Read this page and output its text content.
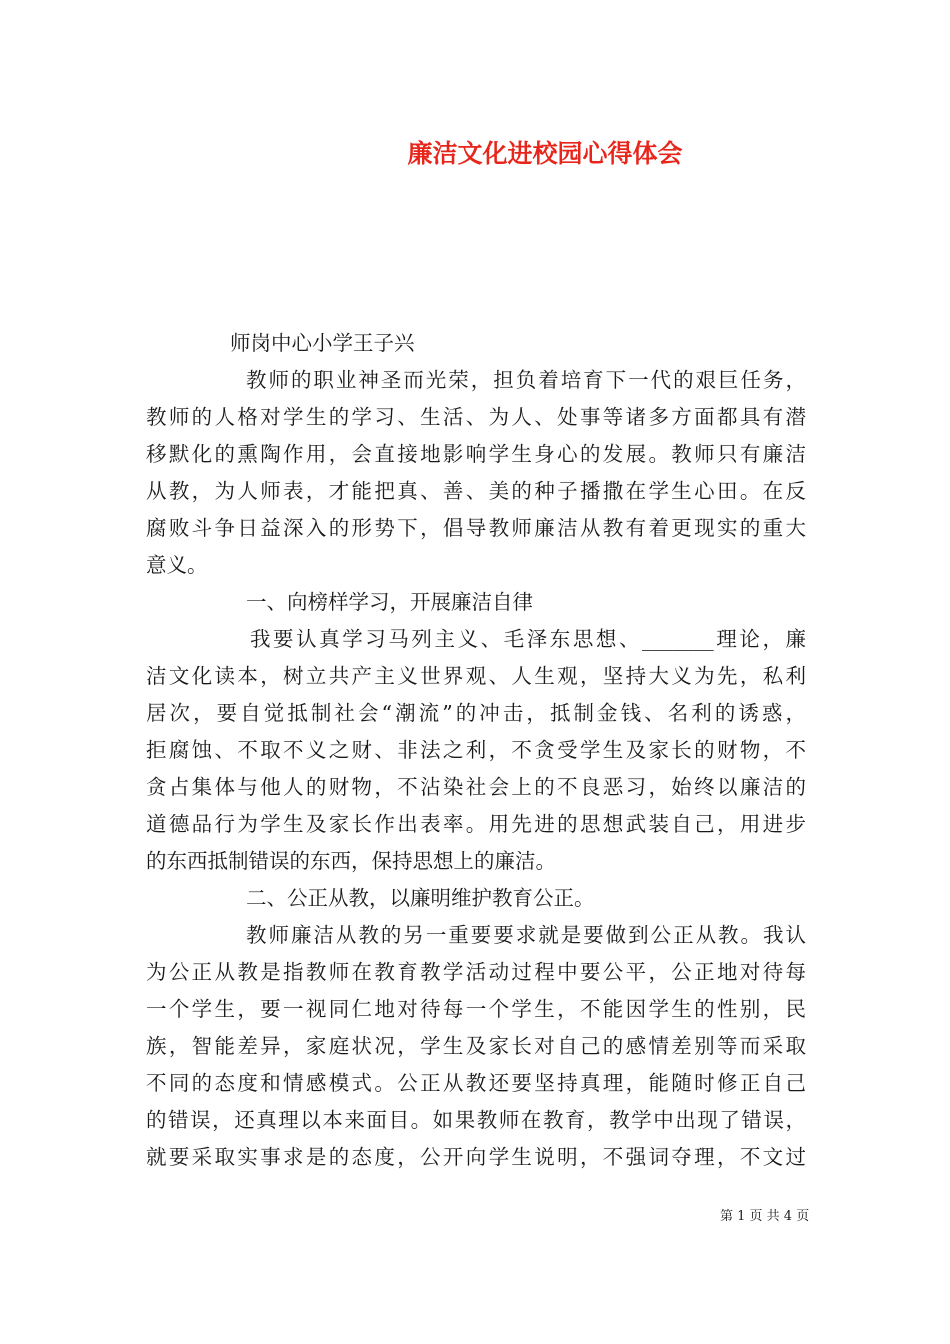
廉洁文化进校园心得体会
师岗中心小学王子兴
教师的职业神圣而光荣，担负着培育下一代的艰巨任务，
教师的人格对学生的学习、生活、为人、处事等诸多方面都具有潜
移默化的熏陶作用，会直接地影响学生身心的发展。教师只有廉洁
从教，为人师表，才能把真、善、美的种子播撒在学生心田。在反
腐败斗争日益深入的形势下，倡导教师廉洁从教有着更现实的重大
意义。
一、向榜样学习，开展廉洁自律
我要认真学习马列主义、毛泽东思想、_______理论，廉
洁文化读本，树立共产主义世界观、人生观，坚持大义为先，私利
居次，要自觉抵制社会“潮流”的冲击，抵制金钱、名利的诱惑，
拒腐蚀、不取不义之财、非法之利，不贪受学生及家长的财物，不
贪占集体与他人的财物，不沾染社会上的不良恶习，始终以廉洁的
道德品行为学生及家长作出表率。用先进的思想武装自己，用进步
的东西抵制错误的东西，保持思想上的廉洁。
二、公正从教，以廉明维护教育公正。
教师廉洁从教的另一重要要求就是要做到公正从教。我认
为公正从教是指教师在教育教学活动过程中要公平，公正地对待每
一个学生，要一视同仁地对待每一个学生，不能因学生的性别，民
族，智能差异，家庭状况，学生及家长对自己的感情差别等而采取
不同的态度和情感模式。公正从教还要坚持真理，能随时修正自己
的错误，还真理以本来面目。如果教师在教育，教学中出现了错误，
就要采取实事求是的态度，公开向学生说明，不强词夺理，不文过
第 1 页 共 4 页
